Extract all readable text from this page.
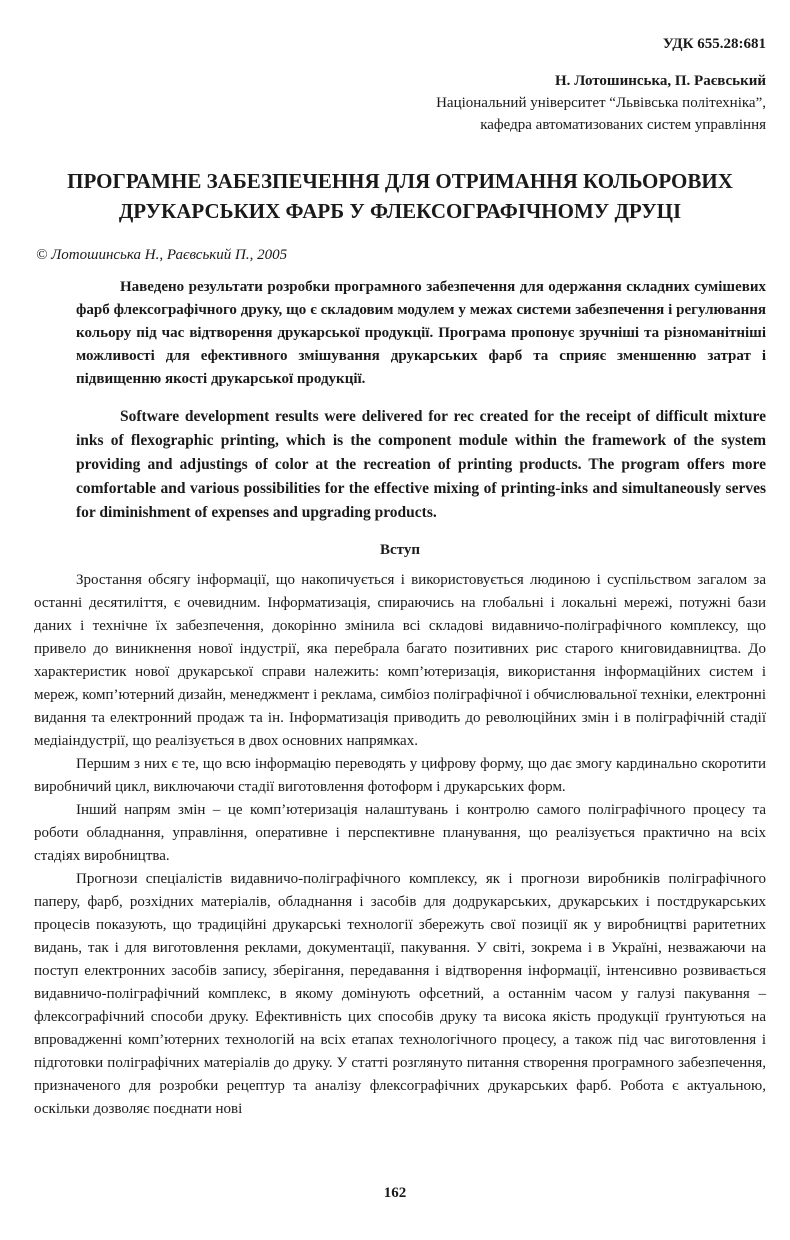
УДК 655.28:681
Н. Лотошинська, П. Раєвський
Національний університет “Львівська політехніка”,
кафедра автоматизованих систем управління
ПРОГРАМНЕ ЗАБЕЗПЕЧЕННЯ ДЛЯ ОТРИМАННЯ КОЛЬОРОВИХ ДРУКАРСЬКИХ ФАРБ У ФЛЕКСОГРАФІЧНОМУ ДРУЦІ
© Лотошинська Н., Раєвський П., 2005

Наведено результати розробки програмного забезпечення для одержання складних сумішевих фарб флексографічного друку, що є складовим модулем у межах системи забезпечення і регулювання кольору під час відтворення друкарської продукції. Програма пропонує зручніші та різноманітніші можливості для ефективного змішування друкарських фарб та сприяє зменшенню затрат і підвищенню якості друкарської продукції.

Software development results were delivered for rec created for the receipt of difficult mixture inks of flexographic printing, which is the component module within the framework of the system providing and adjustings of color at the recreation of printing products. The program offers more comfortable and various possibilities for the effective mixing of printing-inks and simultaneously serves for diminishment of expenses and upgrading products.

Вступ

Зростання обсягу інформації, що накопичується і використовується людиною і суспільством загалом за останні десятиліття, є очевидним. Інформатизація, спираючись на глобальні і локальні мережі, потужні бази даних і технічне їх забезпечення, докорінно змінила всі складові видавничо-поліграфічного комплексу, що привело до виникнення нової індустрії, яка перебрала багато позитивних рис старого книговидавництва. До характеристик нової друкарської справи належить: комп’ютеризація, використання інформаційних систем і мереж, комп’ютерний дизайн, менеджмент і реклама, симбіоз поліграфічної і обчислювальної техніки, електронні видання та електронний продаж та ін. Інформатизація приводить до революційних змін і в поліграфічній стадії медіаіндустрії, що реалізується в двох основних напрямках.

Першим з них є те, що всю інформацію переводять у цифрову форму, що дає змогу кардинально скоротити виробничий цикл, виключаючи стадії виготовлення фотоформ і друкарських форм.

Інший напрям змін – це комп’ютеризація налаштувань і контролю самого поліграфічного процесу та роботи обладнання, управління, оперативне і перспективне планування, що реалізується практично на всіх стадіях виробництва.

Прогнози спеціалістів видавничо-поліграфічного комплексу, як і прогнози виробників поліграфічного паперу, фарб, розхідних матеріалів, обладнання і засобів для додрукарських, друкарських і постдрукарських процесів показують, що традиційні друкарські технології збережуть свої позиції як у виробництві раритетних видань, так і для виготовлення реклами, документації, пакування. У світі, зокрема і в Україні, незважаючи на поступ електронних засобів запису, зберігання, передавання і відтворення інформації, інтенсивно розвивається видавничо-поліграфічний комплекс, в якому домінують офсетний, а останнім часом у галузі пакування – флексографічний способи друку. Ефективність цих способів друку та висока якість продукції ґрунтуються на впровадженні комп’ютерних технологій на всіх етапах технологічного процесу, а також під час виготовлення і підготовки поліграфічних матеріалів до друку. У статті розглянуто питання створення програмного забезпечення, призначеного для розробки рецептур та аналізу флексографічних друкарських фарб. Робота є актуальною, оскільки дозволяє поєднати нові

162
